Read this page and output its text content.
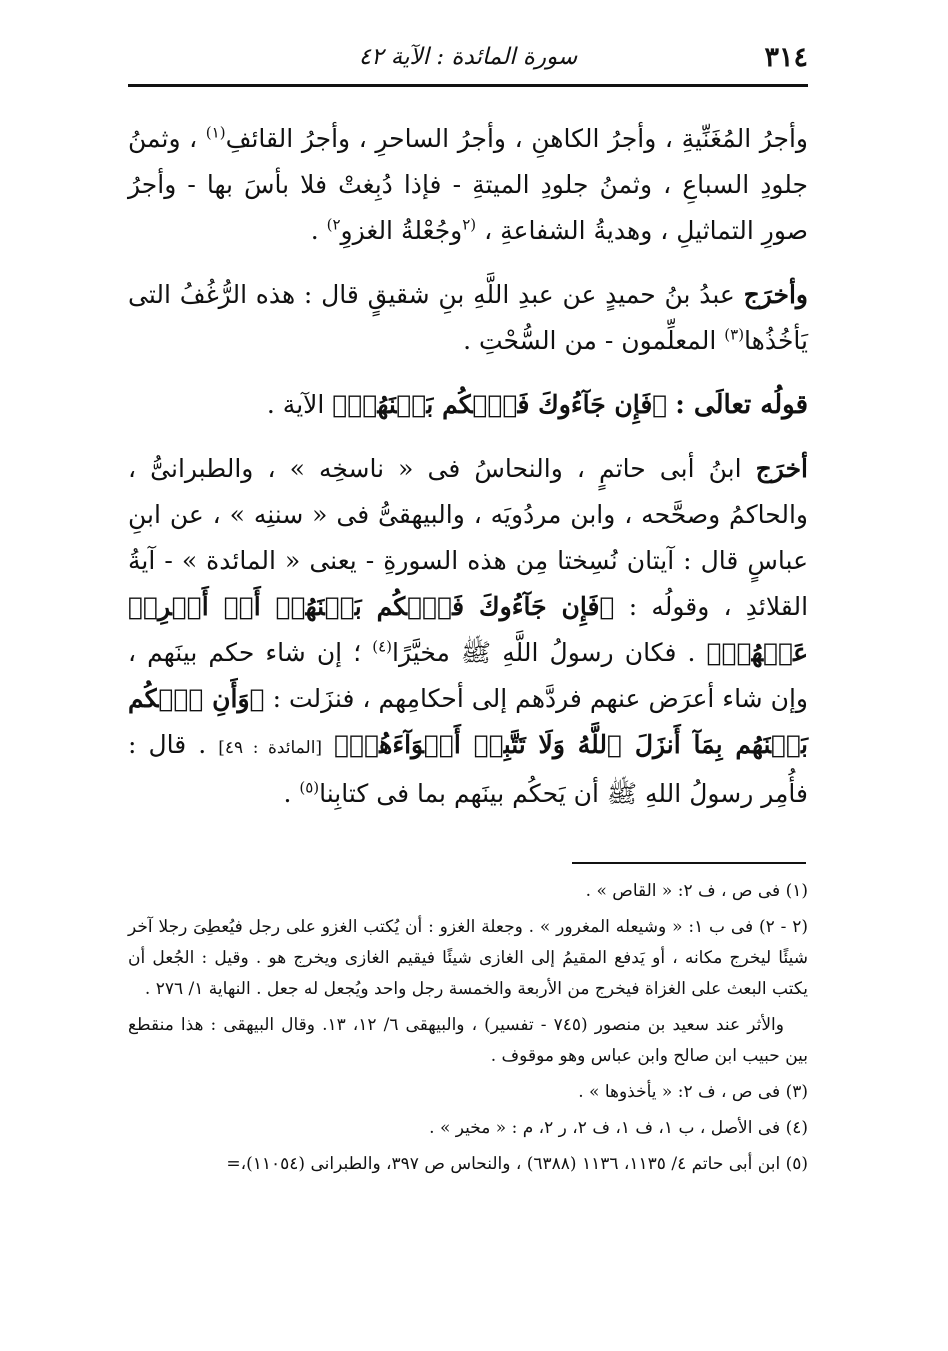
٣١٤
سورة المائدة : الآية ٤٢

وأجرُ المُغَنِّيةِ ، وأجرُ الكاهنِ ، وأجرُ الساحرِ ، وأجرُ القائفِ$^{(١)}$ ، وثمنُ جلودِ السباعِ ، وثمنُ جلودِ الميتةِ - فإذا دُبِغتْ فلا بأسَ بها - وأجرُ صورِ التماثيلِ ، وهديةُ الشفاعةِ ، $^{(٢}$وجُعْلةُ الغزوِ$^{٢)}$ .

وأخرَج عبدُ بنُ حميدٍ عن عبدِ اللَّهِ بنِ شقيقٍ قال : هذه الرُّغُفُ التى يَأخُذُها$^{(٣)}$ المعلِّمون - من السُّحْتِ .

قولُه تعالَى : ﴿فَإِن جَآءُوكَ فَٱحۡكُم بَيۡنَهُمۡ﴾ الآية .

أخرَج ابنُ أبى حاتمٍ ، والنحاسُ فى « ناسخِه » ، والطبرانىُّ ، والحاكمُ وصحَّحه ، وابن مردُويَه ، والبيهقىُّ فى « سننِه » ، عن ابنِ عباسٍ قال : آيتان نُسِختا مِن هذه السورةِ - يعنى « المائدة » - آيةُ القلائدِ ، وقولُه : ﴿فَإِن جَآءُوكَ فَٱحۡكُم بَيۡنَهُمۡ أَوۡ أَعۡرِضۡ عَنۡهُمۡ﴾ . فكان رسولُ اللَّهِ ﷺ مخيَّرًا$^{(٤)}$ ؛ إن شاء حكم بينَهم ، وإن شاء أعرَض عنهم فردَّهم إلى أحكامِهم ، فنزَلت : ﴿وَأَنِ ٱحۡكُم بَيۡنَهُم بِمَآ أَنزَلَ ٱللَّهُ وَلَا تَتَّبِعۡ أَهۡوَآءَهُمۡ﴾ [المائدة : ٤٩] . قال : فأُمِر رسولُ اللهِ ﷺ أن يَحكُم بينَهم بما فى كتابِنا$^{(٥)}$ .

(١) فى ص ، ف ٢: « القاص » .

(٢ - ٢) فى ب ١: « وشيعله المغرور » . وجعلة الغزو : أن يُكتب الغزو على رجل فيُعطِىَ رجلا آخر شيئًا ليخرج مكانه ، أو يَدفع المقيمُ إلى الغازى شيئًا فيقيم الغازى ويخرج هو . وقيل : الجُعل أن يكتب البعث على الغزاة فيخرج من الأربعة والخمسة رجل واحد ويُجعل له جعل . النهاية ١/ ٢٧٦ .

والأثر عند سعيد بن منصور (٧٤٥ - تفسير) ، والبيهقى ٦/ ١٢، ١٣. وقال البيهقى : هذا منقطع بين حبيب ابن صالح وابن عباس وهو موقوف .

(٣) فى ص ، ف ٢: « يأخذوها » .

(٤) فى الأصل ، ب ١، ف ١، ف ٢، ر ٢، م : « مخير » .

(٥) ابن أبى حاتم ٤/ ١١٣٥، ١١٣٦ (٦٣٨٨) ، والنحاس ص ٣٩٧، والطبرانى (١١٠٥٤)،=
